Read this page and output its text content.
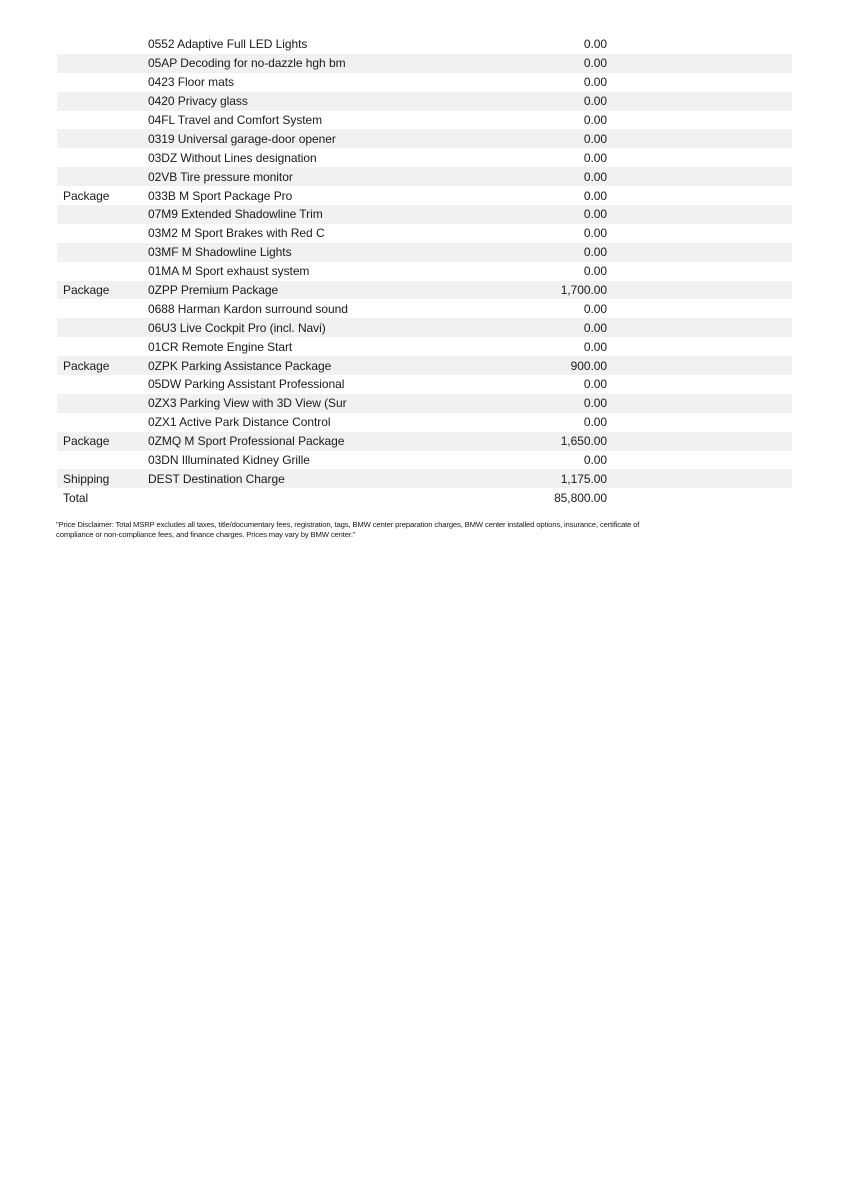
0552 Adaptive Full LED Lights	0.00
05AP Decoding for no-dazzle hgh bm	0.00
0423 Floor mats	0.00
0420 Privacy glass	0.00
04FL Travel and Comfort System	0.00
0319 Universal garage-door opener	0.00
03DZ Without Lines designation	0.00
02VB Tire pressure monitor	0.00
Package	033B M Sport Package Pro	0.00
07M9 Extended Shadowline Trim	0.00
03M2 M Sport Brakes with Red C	0.00
03MF M Shadowline Lights	0.00
01MA M Sport exhaust system	0.00
Package	0ZPP Premium Package	1,700.00
0688 Harman Kardon surround sound	0.00
06U3 Live Cockpit Pro (incl. Navi)	0.00
01CR Remote Engine Start	0.00
Package	0ZPK Parking Assistance Package	900.00
05DW Parking Assistant Professional	0.00
0ZX3 Parking View with 3D View (Sur	0.00
0ZX1 Active Park Distance Control	0.00
Package	0ZMQ M Sport Professional Package	1,650.00
03DN Illuminated Kidney Grille	0.00
Shipping	DEST Destination Charge	1,175.00
Total	85,800.00
"Price Disclaimer: Total MSRP excludes all taxes, title/documentary fees, registration, tags, BMW center preparation charges, BMW center installed options, insurance, certificate of
compliance or non-compliance fees, and finance charges. Prices may vary by BMW center."
